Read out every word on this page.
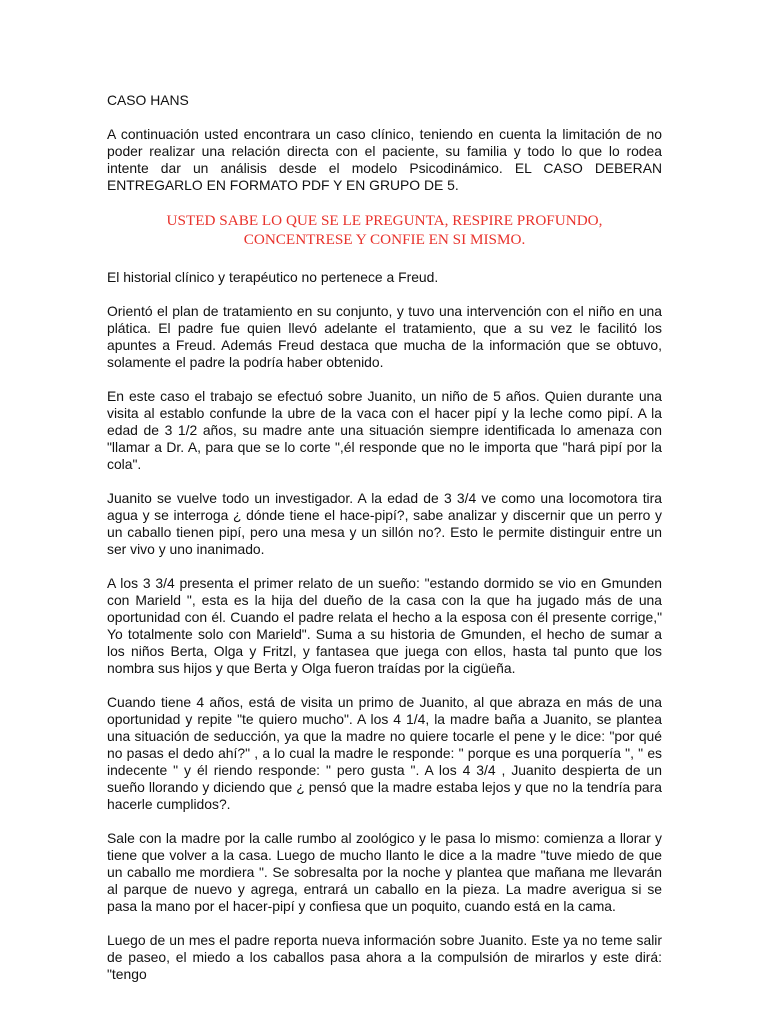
CASO HANS

A continuación usted encontrara un caso clínico, teniendo en cuenta la limitación de no poder realizar una relación directa con el paciente, su familia y todo lo que lo rodea intente dar un análisis desde el modelo Psicodinámico. EL CASO DEBERAN ENTREGARLO EN FORMATO PDF Y EN GRUPO DE 5.

USTED SABE LO QUE SE LE PREGUNTA, RESPIRE PROFUNDO, CONCENTRESE Y CONFIE EN SI MISMO.

El historial clínico y terapéutico no pertenece a Freud.

Orientó el plan de tratamiento en su conjunto, y tuvo una intervención con el niño en una plática. El padre fue quien llevó adelante el tratamiento, que a su vez le facilitó los apuntes a Freud. Además Freud destaca que mucha de la información que se obtuvo, solamente el padre la podría haber obtenido.

En este caso el trabajo se efectuó sobre Juanito, un niño de 5 años. Quien durante una visita al establo confunde la ubre de la vaca con el hacer pipí y la leche como pipí. A la edad de 3 1/2 años, su madre ante una situación siempre identificada lo amenaza con "llamar a Dr. A, para que se lo corte ",él responde que no le importa que "hará pipí por la cola".

Juanito se vuelve todo un investigador. A la edad de 3 3/4 ve como una locomotora tira agua y se interroga ¿ dónde tiene el hace-pipí?, sabe analizar y discernir que un perro y un caballo tienen pipí, pero una mesa y un sillón no?. Esto le permite distinguir entre un ser vivo y uno inanimado.

A los 3 3/4 presenta el primer relato de un sueño: "estando dormido se vio en Gmunden con Marield ", esta es la hija del dueño de la casa con la que ha jugado más de una oportunidad con él. Cuando el padre relata el hecho a la esposa con él presente corrige," Yo totalmente solo con Marield". Suma a su historia de Gmunden, el hecho de sumar a los niños Berta, Olga y Fritzl, y fantasea que juega con ellos, hasta tal punto que los nombra sus hijos y que Berta y Olga fueron traídas por la cigüeña.

Cuando tiene 4 años, está de visita un primo de Juanito, al que abraza en más de una oportunidad y repite "te quiero mucho". A los 4 1/4, la madre baña a Juanito, se plantea una situación de seducción, ya que la madre no quiere tocarle el pene y le dice: "por qué no pasas el dedo ahí?" , a lo cual la madre le responde: " porque es una porquería ", " es indecente " y él riendo responde: " pero gusta ". A los 4 3/4 , Juanito despierta de un sueño llorando y diciendo que ¿ pensó que la madre estaba lejos y que no la tendría para hacerle cumplidos?.

Sale con la madre por la calle rumbo al zoológico y le pasa lo mismo: comienza a llorar y tiene que volver a la casa. Luego de mucho llanto le dice a la madre "tuve miedo de que un caballo me mordiera ". Se sobresalta por la noche y plantea que mañana me llevarán al parque de nuevo y agrega, entrará un caballo en la pieza. La madre averigua si se pasa la mano por el hacer-pipí y confiesa que un poquito, cuando está en la cama.

Luego de un mes el padre reporta nueva información sobre Juanito. Este ya no teme salir de paseo, el miedo a los caballos pasa ahora a la compulsión de mirarlos y este dirá: "tengo
